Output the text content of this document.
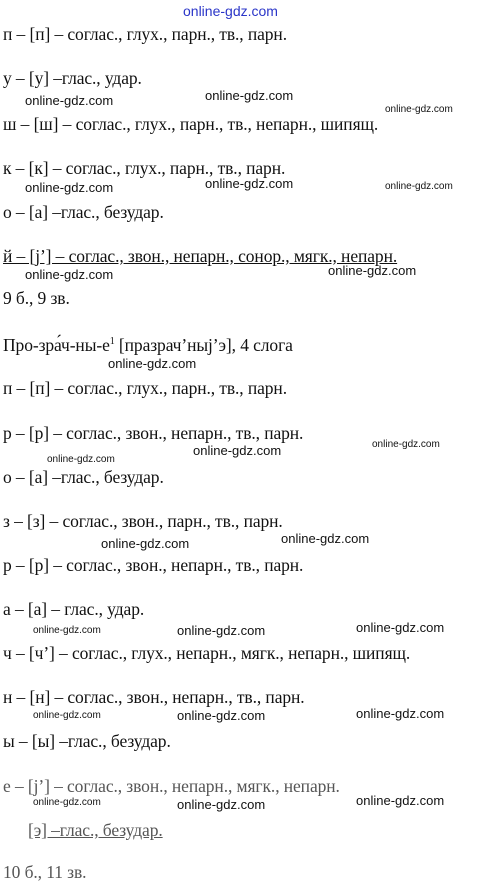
online-gdz.com
п – [п] – соглас., глух., парн., тв., парн.
у – [у] –глас., удар.
ш – [ш] – соглас., глух., парн., тв., непарн., шипящ.
к – [к] – соглас., глух., парн., тв., парн.
о – [а] –глас., безудар.
й – [j’] – соглас., звон., непарн., сонор., мягк., непарн.
9 б., 9 зв.
Про-$зра́ч-ны-е^1$ [празрач’ныj’э], 4 слога
п – [п] – соглас., глух., парн., тв., парн.
р – [р] – соглас., звон., непарн., тв., парн.
о – [а] –глас., безудар.
з – [з] – соглас., звон., парн., тв., парн.
р – [р] – соглас., звон., непарн., тв., парн.
а – [а] – глас., удар.
ч – [ч’] – соглас., глух., непарн., мягк., непарн., шипящ.
н – [н] – соглас., звон., непарн., тв., парн.
ы – [ы] –глас., безудар.
е – [j’] – соглас., звон., непарн., мягк., непарн.
[э] –глас., безудар.
10 б., 11 зв.
online-gdz.com	online-gdz.com
online-gdz.com
online-gdz.com	online-gdz.com	online-gdz.com
online-gdz.com	online-gdz.com
online-gdz.com
online-gdz.com	online-gdz.com
online-gdz.com
online-gdz.com	online-gdz.com
online-gdz.com	online-gdz.com	online-gdz.com
online-gdz.com	online-gdz.com	online-gdz.com
online-gdz.com	online-gdz.com	online-gdz.com
